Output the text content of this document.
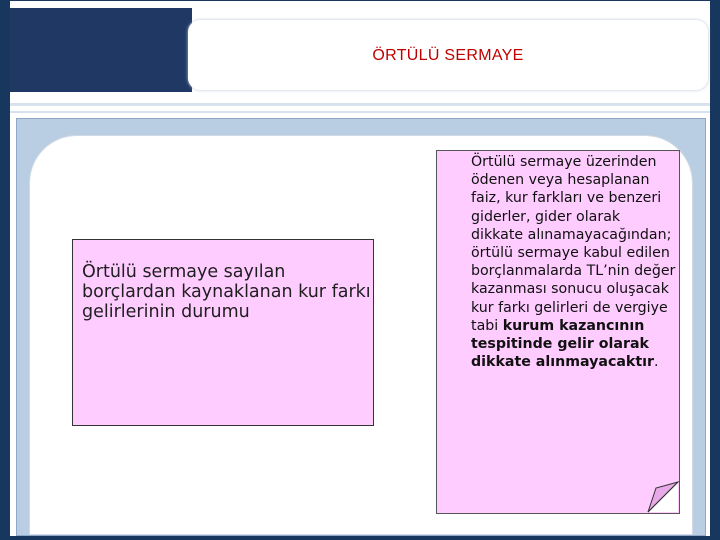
ÖRTÜLÜ SERMAYE
Örtülü sermaye sayılan borçlardan kaynaklanan kur farkı gelirlerinin durumu
Örtülü sermaye üzerinden ödenen veya hesaplanan faiz, kur farkları ve benzeri giderler, gider olarak dikkate alınamayacağından; örtülü sermaye kabul edilen borçlanmalarda TL’nin değer kazanması sonucu oluşacak kur farkı gelirleri de vergiye tabi kurum kazancının tespitinde gelir olarak dikkate alınmayacaktır.
